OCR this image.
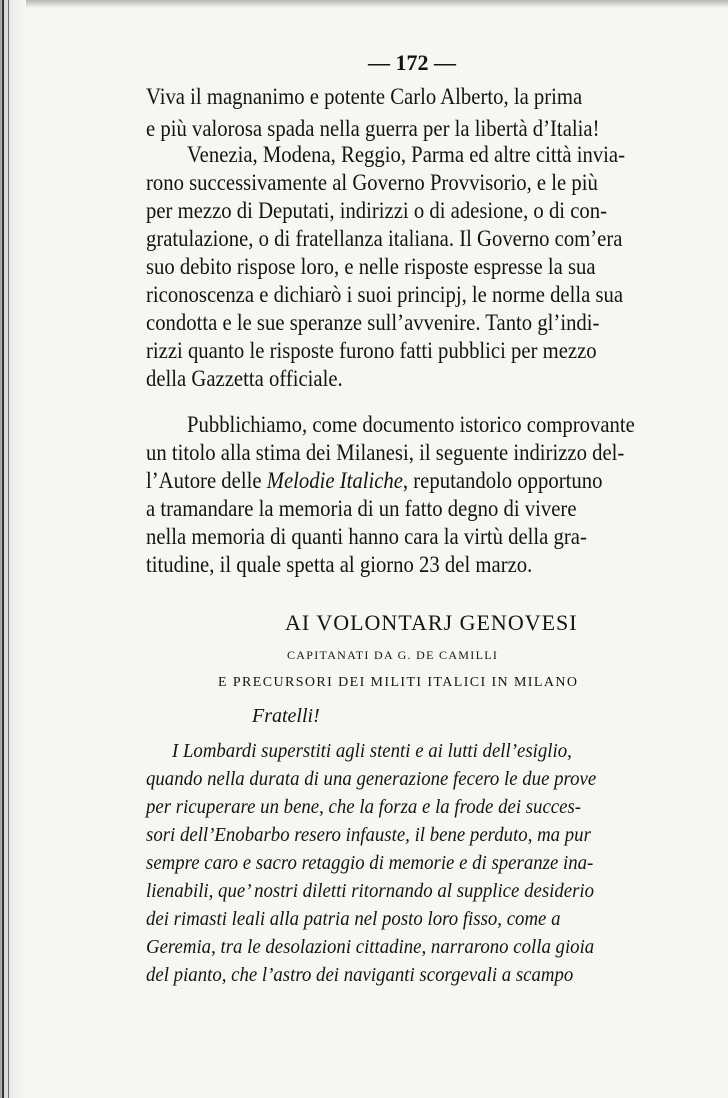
— 172 —
Viva il magnanimo e potente Carlo Alberto, la prima
e più valorosa spada nella guerra per la libertà d’Italia!
Venezia, Modena, Reggio, Parma ed altre città invia-
rono successivamente al Governo Provvisorio, e le più
per mezzo di Deputati, indirizzi o di adesione, o di con-
gratulazione, o di fratellanza italiana. Il Governo com’era
suo debito rispose loro, e nelle risposte espresse la sua
riconoscenza e dichiarò i suoi principj, le norme della sua
condotta e le sue speranze sull’avvenire. Tanto gl’indi-
rizzi quanto le risposte furono fatti pubblici per mezzo
della Gazzetta officiale.
Pubblichiamo, come documento istorico comprovante
un titolo alla stima dei Milanesi, il seguente indirizzo del-
l’Autore delle Melodie Italiche, reputandolo opportuno
a tramandare la memoria di un fatto degno di vivere
nella memoria di quanti hanno cara la virtù della gra-
titudine, il quale spetta al giorno 23 del marzo.
AI VOLONTARJ GENOVESI
CAPITANATI DA G. DE CAMILLI
E PRECURSORI DEI MILITI ITALICI IN MILANO
Fratelli!
I Lombardi superstiti agli stenti e ai lutti dell’esiglio,
quando nella durata di una generazione fecero le due prove
per ricuperare un bene, che la forza e la frode dei succes-
sori dell’Enobarbo resero infauste, il bene perduto, ma pur
sempre caro e sacro retaggio di memorie e di speranze ina-
lienabili, que’ nostri diletti ritornando al supplice desiderio
dei rimasti leali alla patria nel posto loro fisso, come a
Geremia, tra le desolazioni cittadine, narrarono colla gioia
del pianto, che l’astro dei naviganti scorgevali a scampo
